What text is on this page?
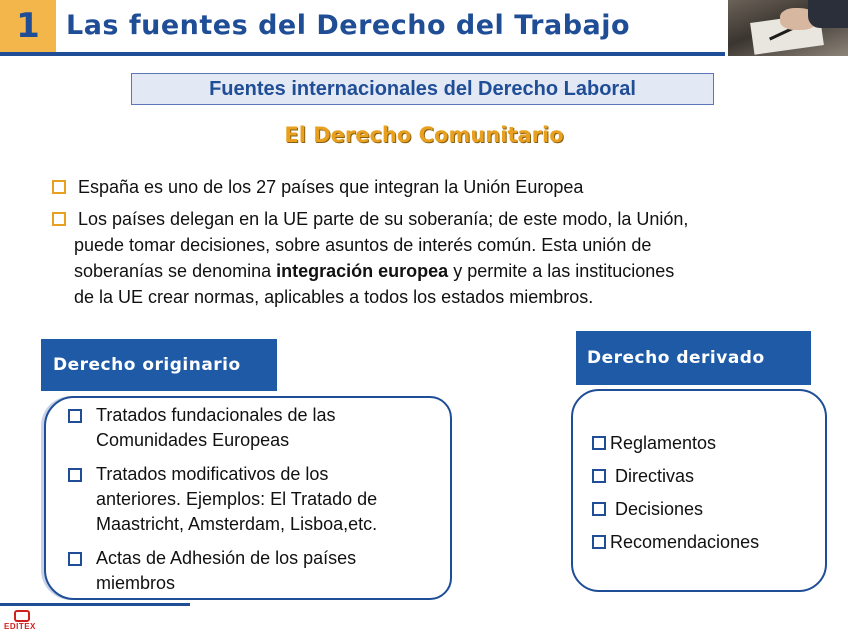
1 Las fuentes del Derecho del Trabajo
Fuentes internacionales del Derecho Laboral
El Derecho Comunitario
España es uno de los 27 países que integran la Unión Europea
Los países delegan en la UE parte de su soberanía; de este modo, la Unión,
puede tomar decisiones, sobre asuntos de interés común. Esta unión de
soberanías se denomina integración europea y permite a las instituciones
de la UE crear normas, aplicables a todos los estados miembros.
Derecho originario
Tratados fundacionales de las
Comunidades Europeas
Tratados modificativos de los
anteriores. Ejemplos: El Tratado de
Maastricht, Amsterdam, Lisboa,etc.
Actas de Adhesión de los países
miembros
Derecho derivado
Reglamentos
Directivas
Decisiones
Recomendaciones
EDITEX
